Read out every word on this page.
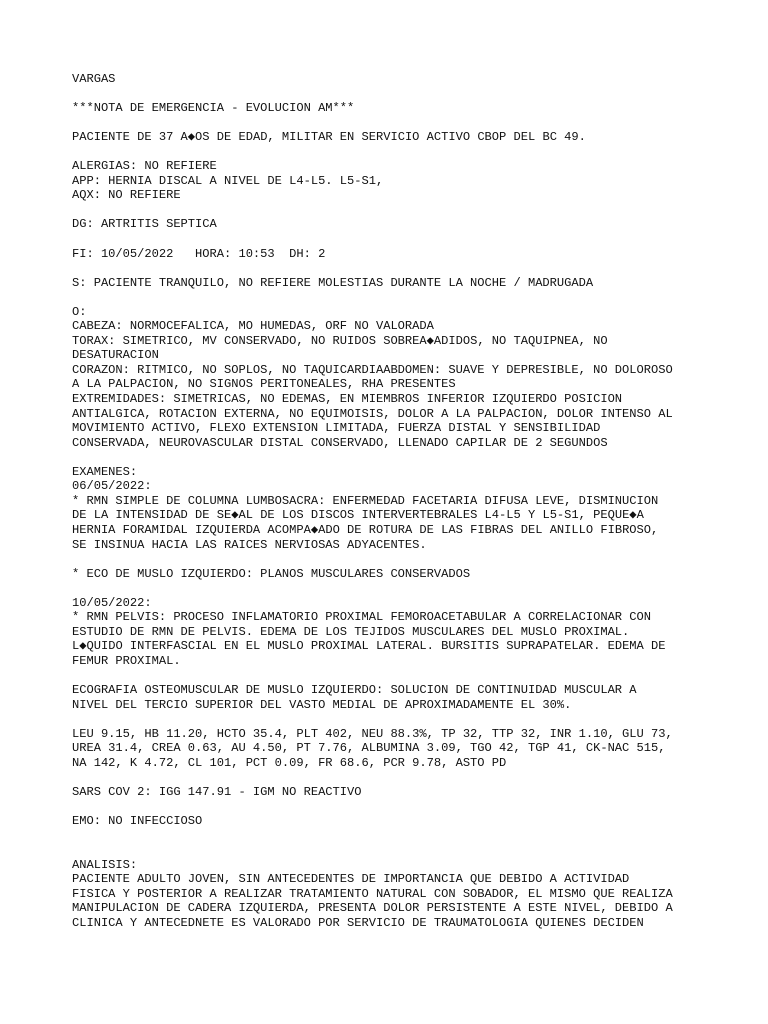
VARGAS
***NOTA DE EMERGENCIA - EVOLUCION AM***
PACIENTE DE 37 A◆OS DE EDAD, MILITAR EN SERVICIO ACTIVO CBOP DEL BC 49.
ALERGIAS: NO REFIERE
APP: HERNIA DISCAL A NIVEL DE L4-L5. L5-S1,
AQX: NO REFIERE
DG: ARTRITIS SEPTICA
FI: 10/05/2022   HORA: 10:53  DH: 2
S: PACIENTE TRANQUILO, NO REFIERE MOLESTIAS DURANTE LA NOCHE / MADRUGADA
O:
CABEZA: NORMOCEFALICA, MO HUMEDAS, ORF NO VALORADA
TORAX: SIMETRICO, MV CONSERVADO, NO RUIDOS SOBREA◆ADIDOS, NO TAQUIPNEA, NO
DESATURACION
CORAZON: RITMICO, NO SOPLOS, NO TAQUICARDIAABDOMEN: SUAVE Y DEPRESIBLE, NO DOLOROSO
A LA PALPACION, NO SIGNOS PERITONEALES, RHA PRESENTES
EXTREMIDADES: SIMETRICAS, NO EDEMAS, EN MIEMBROS INFERIOR IZQUIERDO POSICION
ANTIALGICA, ROTACION EXTERNA, NO EQUIMOISIS, DOLOR A LA PALPACION, DOLOR INTENSO AL
MOVIMIENTO ACTIVO, FLEXO EXTENSION LIMITADA, FUERZA DISTAL Y SENSIBILIDAD
CONSERVADA, NEUROVASCULAR DISTAL CONSERVADO, LLENADO CAPILAR DE 2 SEGUNDOS
EXAMENES:
06/05/2022:
* RMN SIMPLE DE COLUMNA LUMBOSACRA: ENFERMEDAD FACETARIA DIFUSA LEVE, DISMINUCION
DE LA INTENSIDAD DE SE◆AL DE LOS DISCOS INTERVERTEBRALES L4-L5 Y L5-S1, PEQUE◆A
HERNIA FORAMIDAL IZQUIERDA ACOMPA◆ADO DE ROTURA DE LAS FIBRAS DEL ANILLO FIBROSO,
SE INSINUA HACIA LAS RAICES NERVIOSAS ADYACENTES.
* ECO DE MUSLO IZQUIERDO: PLANOS MUSCULARES CONSERVADOS
10/05/2022:
* RMN PELVIS: PROCESO INFLAMATORIO PROXIMAL FEMOROACETABULAR A CORRELACIONAR CON
ESTUDIO DE RMN DE PELVIS. EDEMA DE LOS TEJIDOS MUSCULARES DEL MUSLO PROXIMAL.
L◆QUIDO INTERFASCIAL EN EL MUSLO PROXIMAL LATERAL. BURSITIS SUPRAPATELAR. EDEMA DE
FEMUR PROXIMAL.
ECOGRAFIA OSTEOMUSCULAR DE MUSLO IZQUIERDO: SOLUCION DE CONTINUIDAD MUSCULAR A
NIVEL DEL TERCIO SUPERIOR DEL VASTO MEDIAL DE APROXIMADAMENTE EL 30%.
LEU 9.15, HB 11.20, HCTO 35.4, PLT 402, NEU 88.3%, TP 32, TTP 32, INR 1.10, GLU 73,
UREA 31.4, CREA 0.63, AU 4.50, PT 7.76, ALBUMINA 3.09, TGO 42, TGP 41, CK-NAC 515,
NA 142, K 4.72, CL 101, PCT 0.09, FR 68.6, PCR 9.78, ASTO PD
SARS COV 2: IGG 147.91 - IGM NO REACTIVO
EMO: NO INFECCIOSO
ANALISIS:
PACIENTE ADULTO JOVEN, SIN ANTECEDENTES DE IMPORTANCIA QUE DEBIDO A ACTIVIDAD
FISICA Y POSTERIOR A REALIZAR TRATAMIENTO NATURAL CON SOBADOR, EL MISMO QUE REALIZA
MANIPULACION DE CADERA IZQUIERDA, PRESENTA DOLOR PERSISTENTE A ESTE NIVEL, DEBIDO A
CLINICA Y ANTECEDNETE ES VALORADO POR SERVICIO DE TRAUMATOLOGIA QUIENES DECIDEN
